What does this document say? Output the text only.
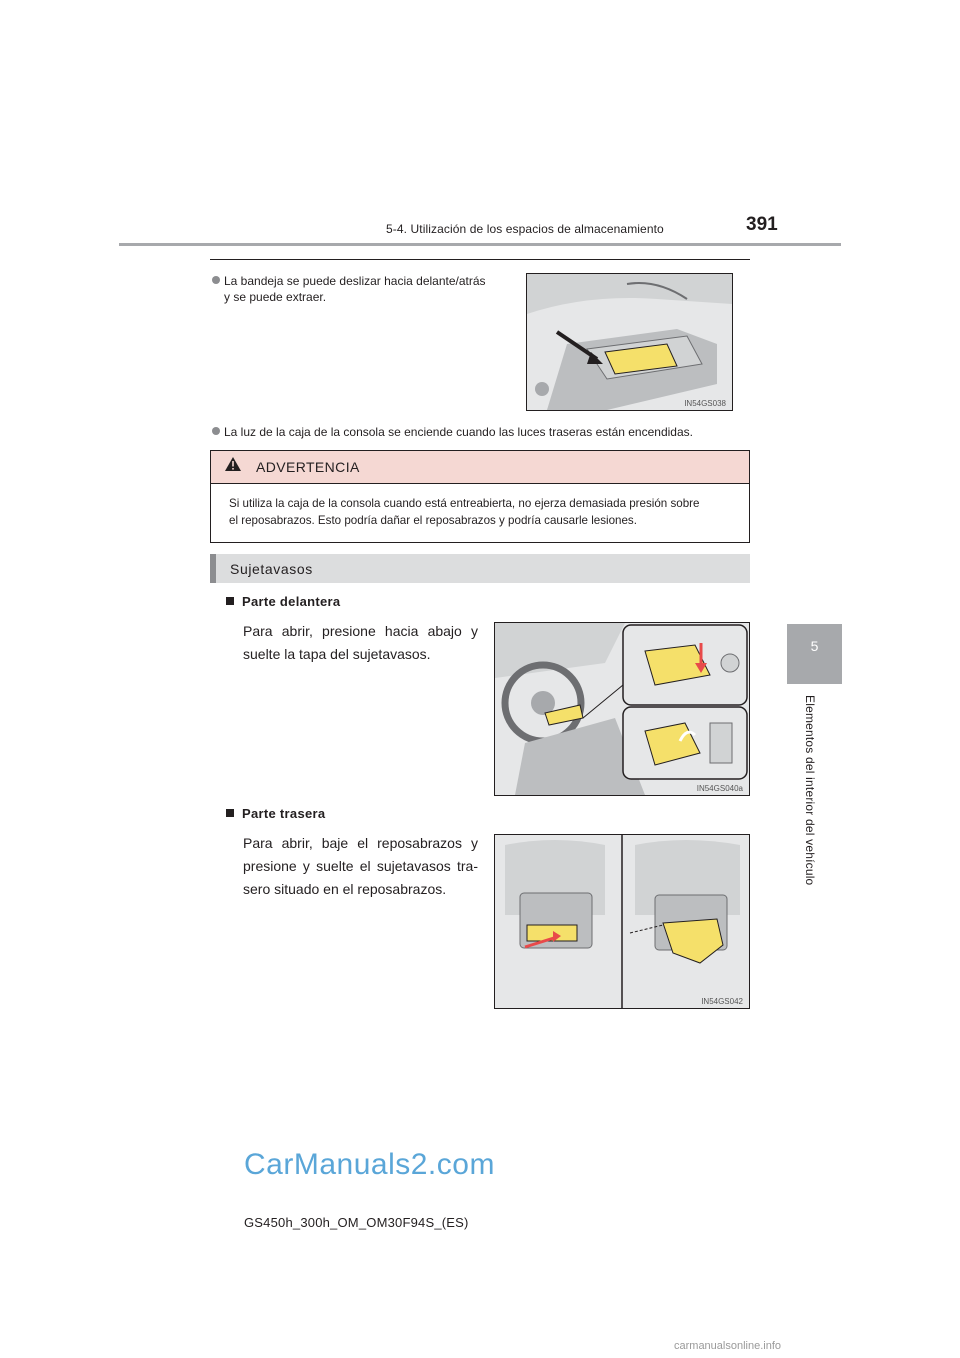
5-4. Utilización de los espacios de almacenamiento	391
5
Elementos del interior del vehículo
La bandeja se puede deslizar hacia delante/atrás
y se puede extraer.
IN54GS038
La luz de la caja de la consola se enciende cuando las luces traseras están encendidas.
ADVERTENCIA
Si utiliza la caja de la consola cuando está entreabierta, no ejerza demasiada presión sobre
el reposabrazos. Esto podría dañar el reposabrazos y podría causarle lesiones.
Sujetavasos
Parte delantera
Para abrir, presione hacia abajo y
suelte la tapa del sujetavasos.
IN54GS040a
Parte trasera
Para abrir, baje el reposabrazos y
presione y suelte el sujetavasos tra-
sero situado en el reposabrazos.
IN54GS042
CarManuals2.com
GS450h_300h_OM_OM30F94S_(ES)
carmanualsonline.info
